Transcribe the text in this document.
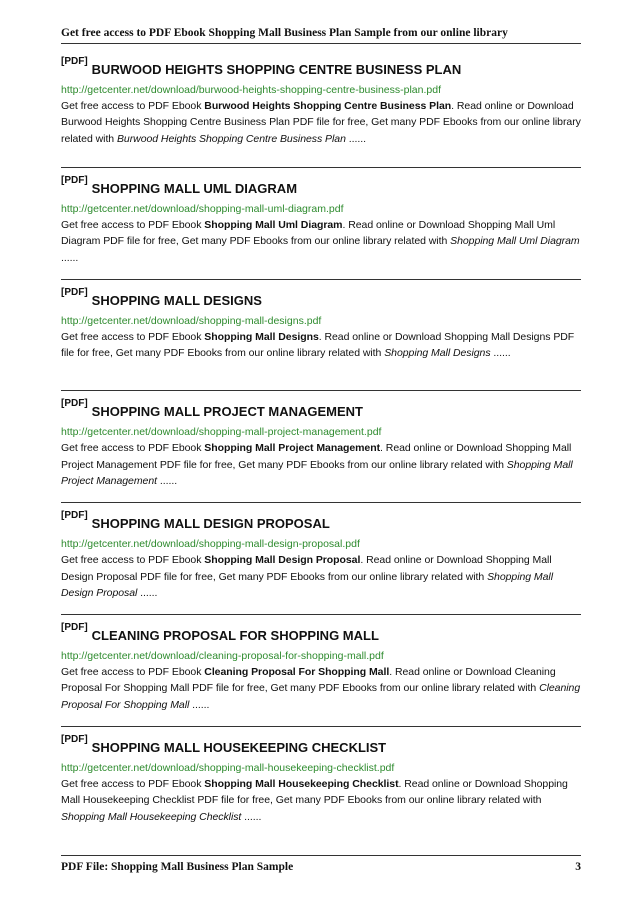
Get free access to PDF Ebook Shopping Mall Business Plan Sample from our online library
[PDF]
BURWOOD HEIGHTS SHOPPING CENTRE BUSINESS PLAN
http://getcenter.net/download/burwood-heights-shopping-centre-business-plan.pdf
Get free access to PDF Ebook Burwood Heights Shopping Centre Business Plan. Read online or Download Burwood Heights Shopping Centre Business Plan PDF file for free, Get many PDF Ebooks from our online library related with Burwood Heights Shopping Centre Business Plan ......
[PDF]
SHOPPING MALL UML DIAGRAM
http://getcenter.net/download/shopping-mall-uml-diagram.pdf
Get free access to PDF Ebook Shopping Mall Uml Diagram. Read online or Download Shopping Mall Uml Diagram PDF file for free, Get many PDF Ebooks from our online library related with Shopping Mall Uml Diagram ......
[PDF]
SHOPPING MALL DESIGNS
http://getcenter.net/download/shopping-mall-designs.pdf
Get free access to PDF Ebook Shopping Mall Designs. Read online or Download Shopping Mall Designs PDF file for free, Get many PDF Ebooks from our online library related with Shopping Mall Designs ......
[PDF]
SHOPPING MALL PROJECT MANAGEMENT
http://getcenter.net/download/shopping-mall-project-management.pdf
Get free access to PDF Ebook Shopping Mall Project Management. Read online or Download Shopping Mall Project Management PDF file for free, Get many PDF Ebooks from our online library related with Shopping Mall Project Management ......
[PDF]
SHOPPING MALL DESIGN PROPOSAL
http://getcenter.net/download/shopping-mall-design-proposal.pdf
Get free access to PDF Ebook Shopping Mall Design Proposal. Read online or Download Shopping Mall Design Proposal PDF file for free, Get many PDF Ebooks from our online library related with Shopping Mall Design Proposal ......
[PDF]
CLEANING PROPOSAL FOR SHOPPING MALL
http://getcenter.net/download/cleaning-proposal-for-shopping-mall.pdf
Get free access to PDF Ebook Cleaning Proposal For Shopping Mall. Read online or Download Cleaning Proposal For Shopping Mall PDF file for free, Get many PDF Ebooks from our online library related with Cleaning Proposal For Shopping Mall ......
[PDF]
SHOPPING MALL HOUSEKEEPING CHECKLIST
http://getcenter.net/download/shopping-mall-housekeeping-checklist.pdf
Get free access to PDF Ebook Shopping Mall Housekeeping Checklist. Read online or Download Shopping Mall Housekeeping Checklist PDF file for free, Get many PDF Ebooks from our online library related with Shopping Mall Housekeeping Checklist ......
PDF File: Shopping Mall Business Plan Sample	3
